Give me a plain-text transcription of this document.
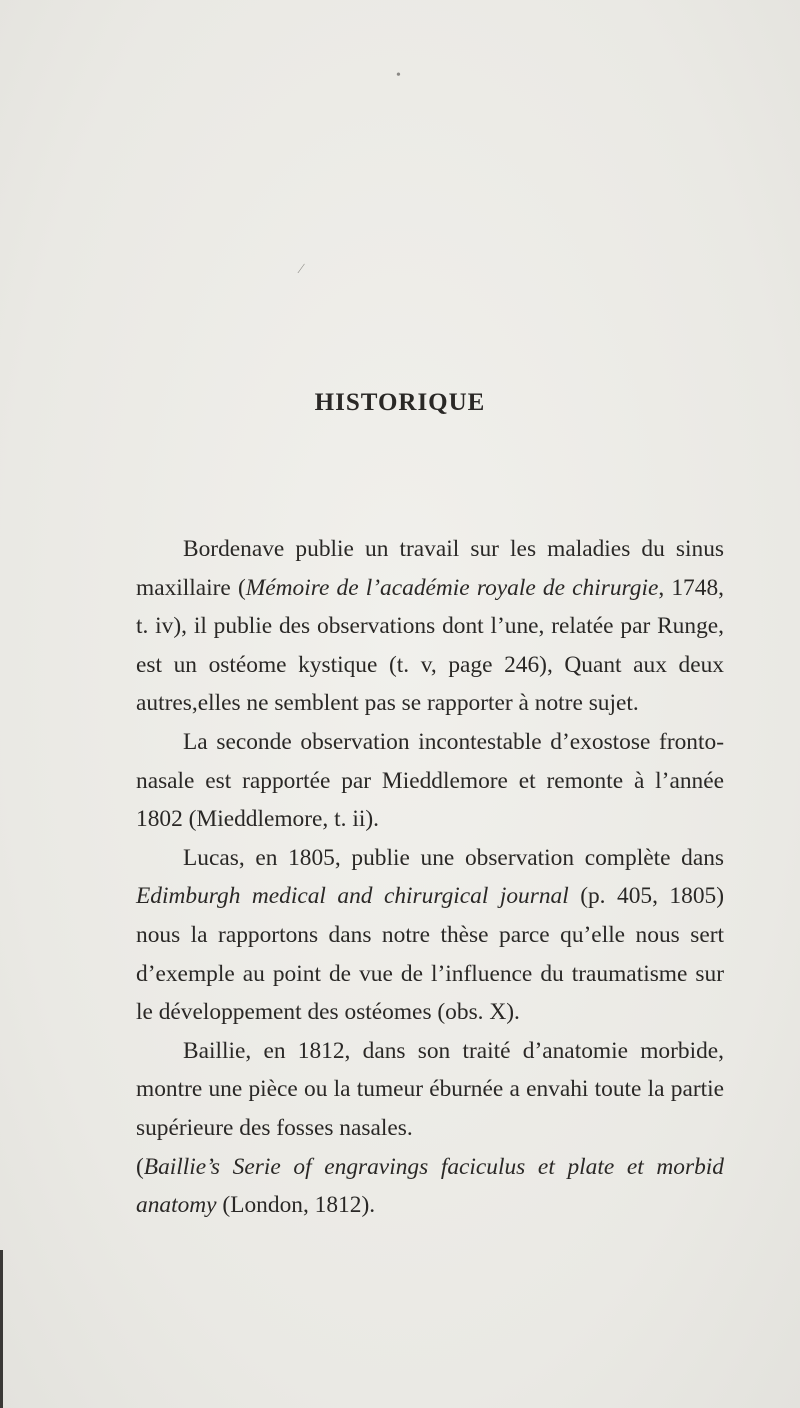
∕
•
HISTORIQUE

Bordenave publie un travail sur les maladies du sinus maxillaire (Mémoire de l’académie royale de chirurgie, 1748, t. iv), il publie des observations dont l’une, relatée par Runge, est un ostéome kystique (t. v, page 246), Quant aux deux autres,elles ne semblent pas se rapporter à notre sujet.

La seconde observation incontestable d’exostose fronto-nasale est rapportée par Mieddlemore et remonte à l’année 1802 (Mieddlemore, t. ii).

Lucas, en 1805, publie une observation complète dans Edimburgh medical and chirurgical journal (p. 405, 1805) nous la rapportons dans notre thèse parce qu’elle nous sert d’exemple au point de vue de l’influence du traumatisme sur le développement des ostéomes (obs. X).

Baillie, en 1812, dans son traité d’anatomie morbide, montre une pièce ou la tumeur éburnée a envahi toute la partie supérieure des fosses nasales.

(Baillie’s Serie of engravings faciculus et plate et morbid anatomy (London, 1812).
